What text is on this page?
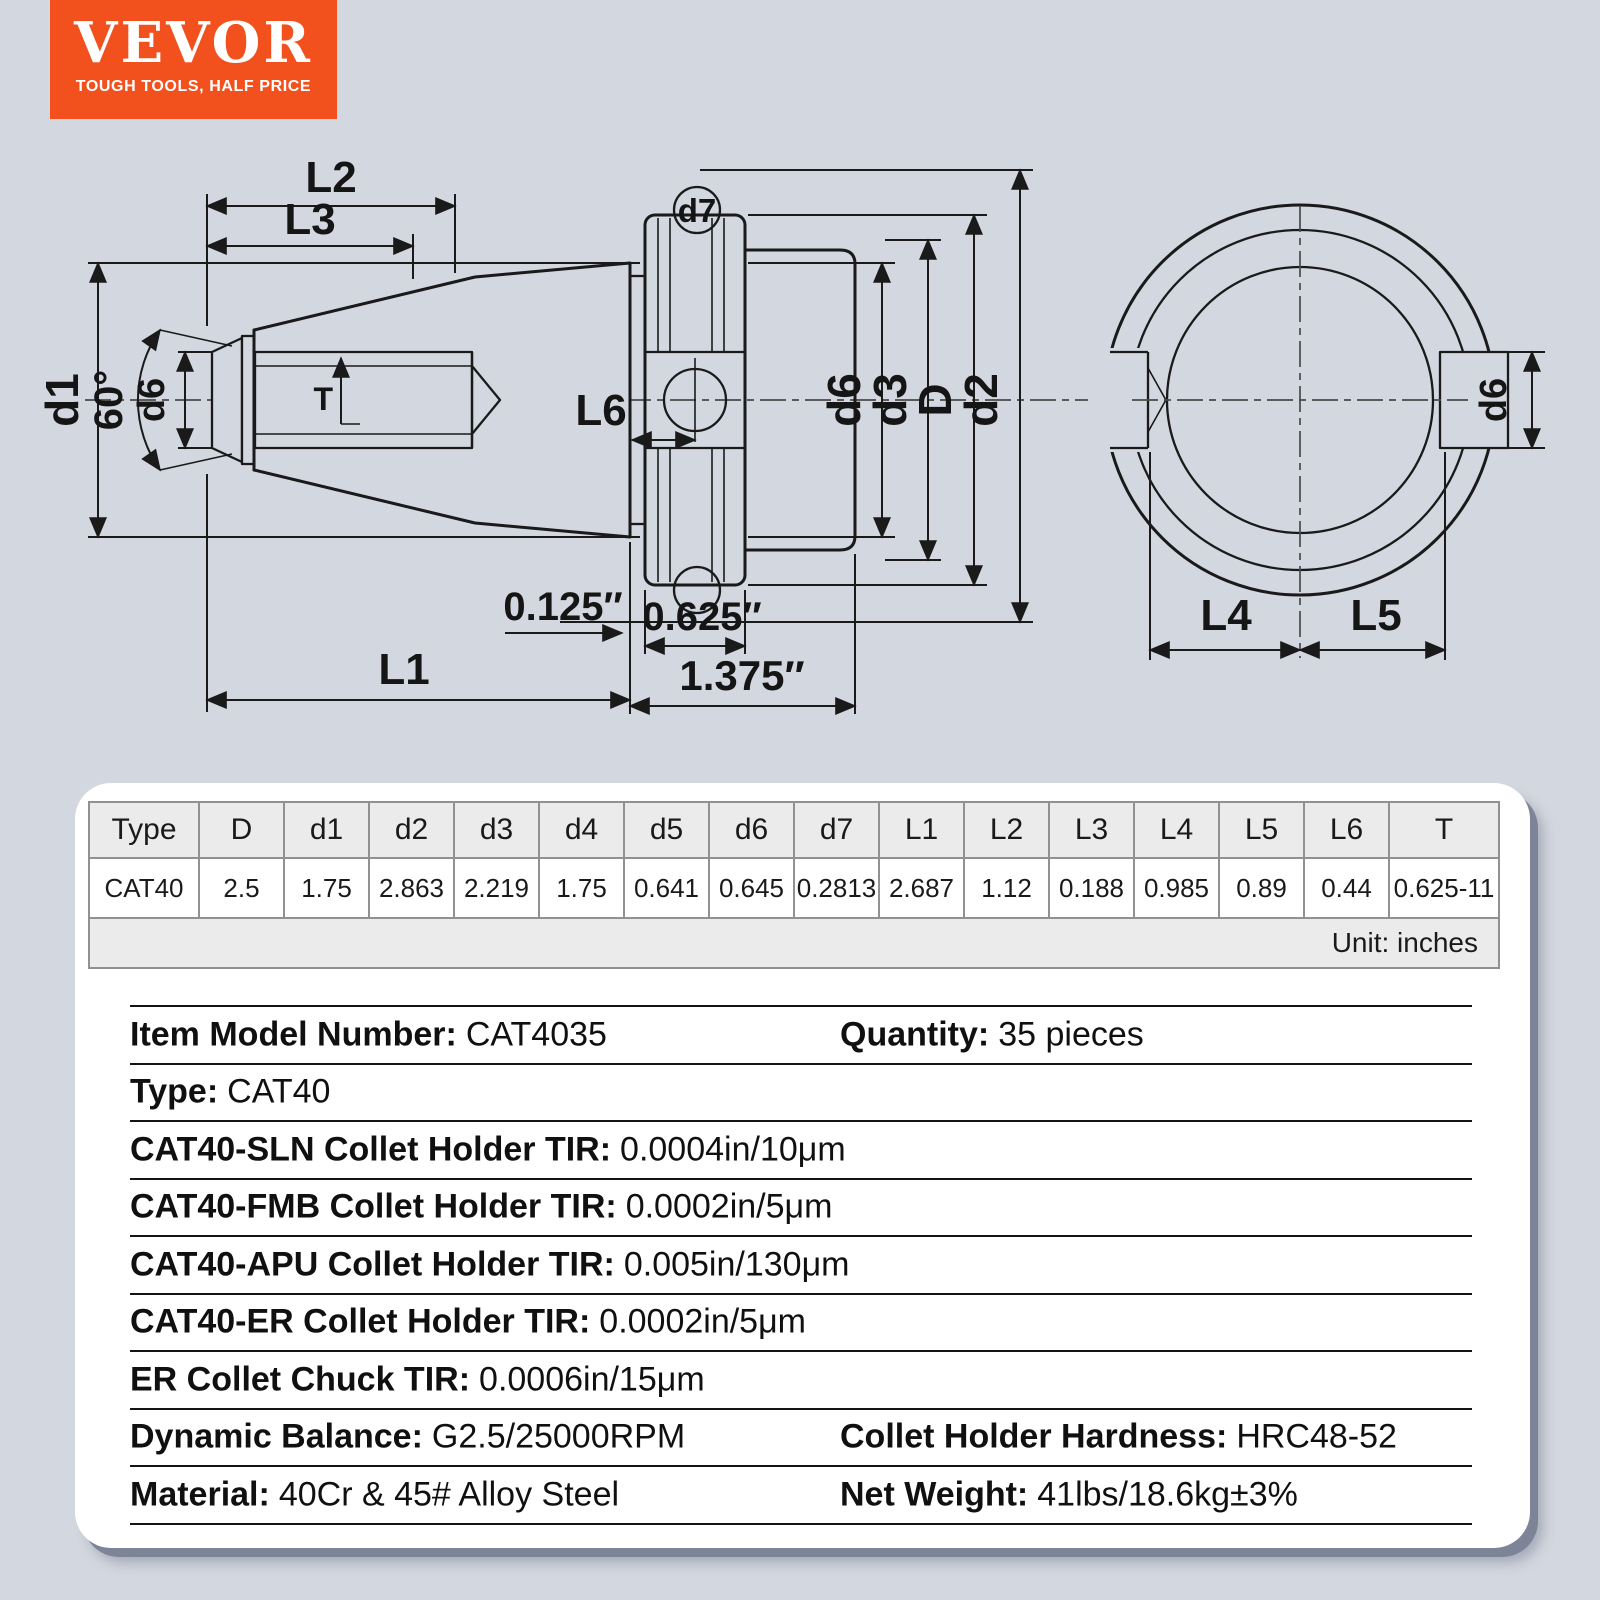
VEVOR
TOUGH TOOLS, HALF PRICE
T
d7
L2
L3
d1 60° d6	L6	d6
d3
D
d2
0.125″ 0.625″
1.375″
L1
d6
L4 L5
Type	D	d1	d2	d3	d4	d5	d6	d7	L1	L2	L3	L4	L5	L6	T
CAT40	2.5	1.75	2.863	2.219	1.75	0.641	0.645	0.2813	2.687	1.12	0.188	0.985	0.89	0.44	0.625-11
Unit: inches															
Item Model Number: CAT4035	Quantity: 35 pieces
Type: CAT40
CAT40-SLN Collet Holder TIR: 0.0004in/10μm
CAT40-FMB Collet Holder TIR: 0.0002in/5μm
CAT40-APU Collet Holder TIR: 0.005in/130μm
CAT40-ER Collet Holder TIR: 0.0002in/5μm
ER Collet Chuck TIR: 0.0006in/15μm
Dynamic Balance: G2.5/25000RPM	Collet Holder Hardness: HRC48-52
Material: 40Cr & 45# Alloy Steel	Net Weight: 41lbs/18.6kg±3%
